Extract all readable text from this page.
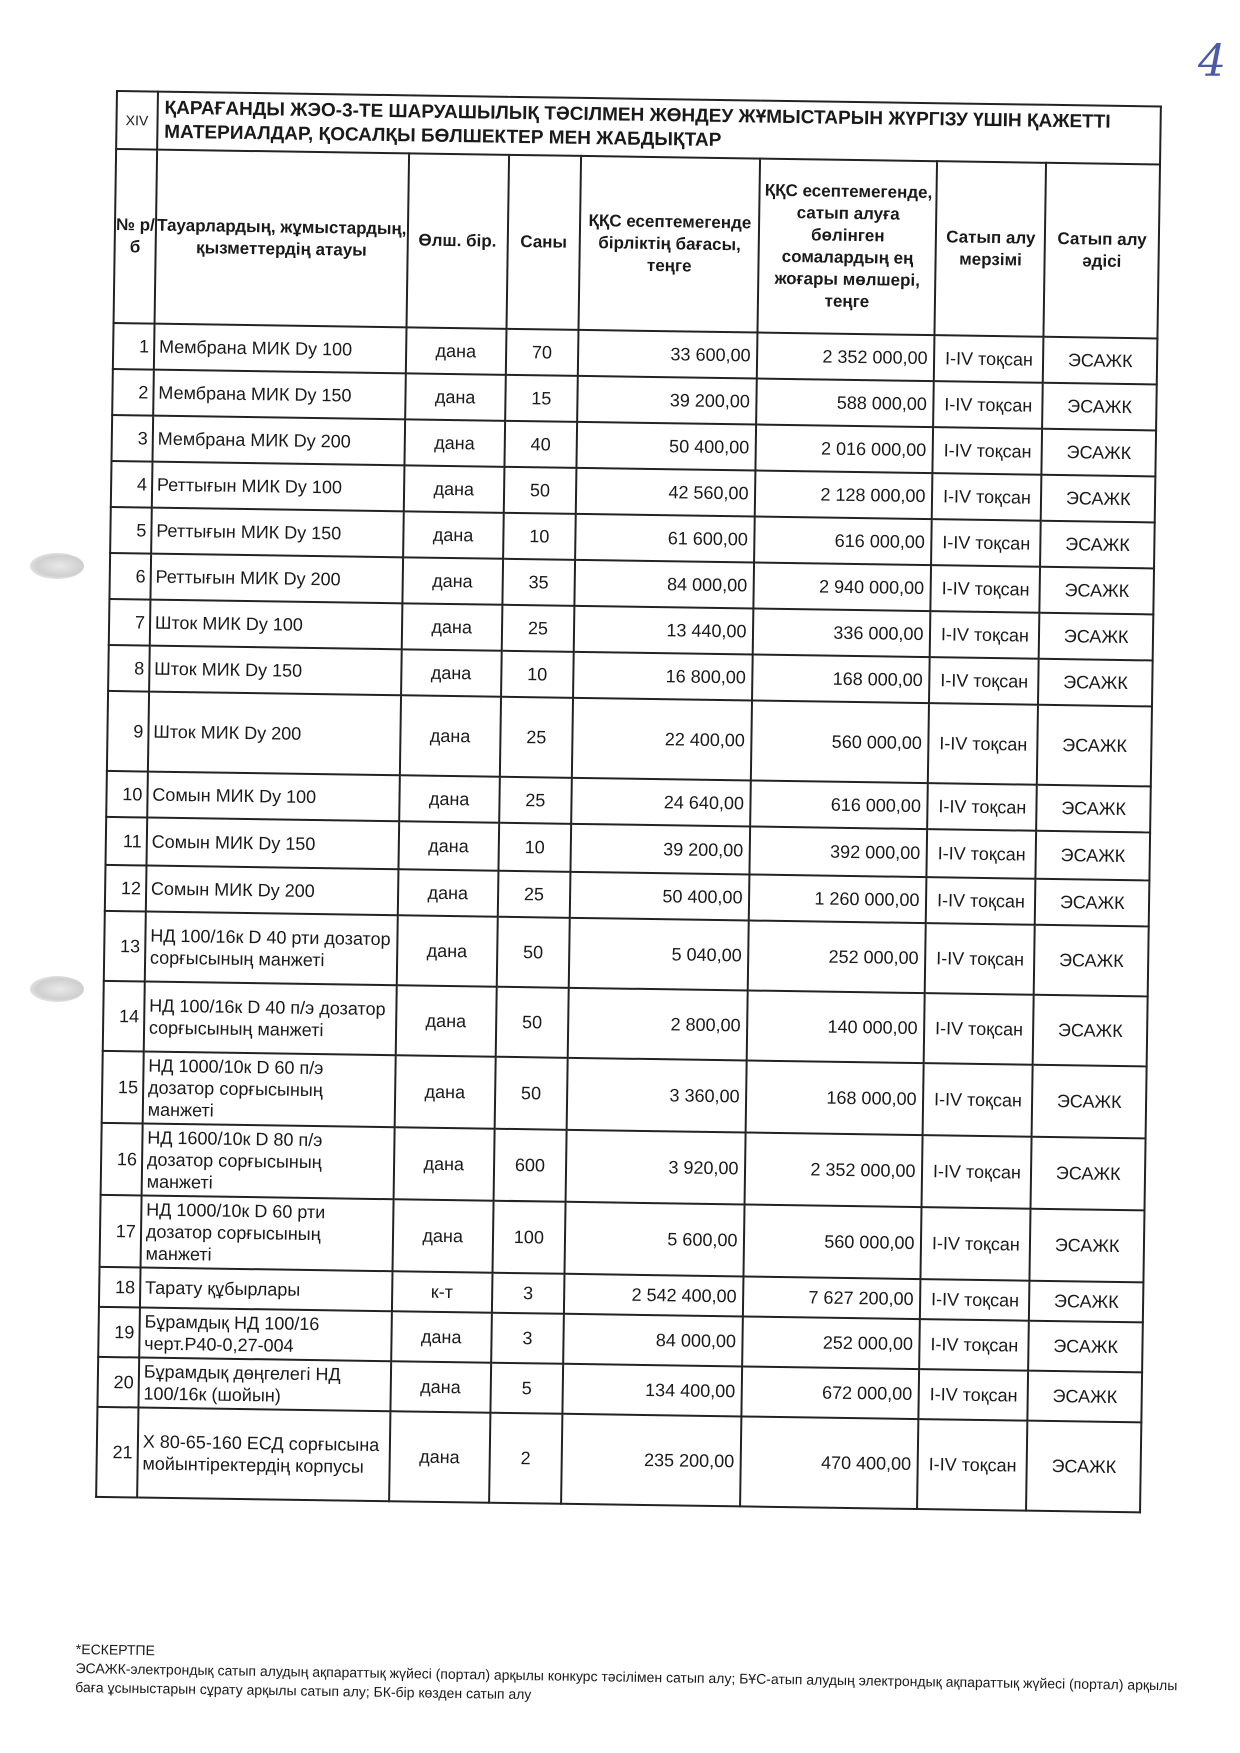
4
XIV	ҚАРАҒАНДЫ ЖЭО-3-ТЕ ШАРУАШЫЛЫҚ ТӘСІЛМЕН ЖӨНДЕУ ЖҰМЫСТАРЫН ЖҮРГІЗУ ҮШІН ҚАЖЕТТІ МАТЕРИАЛДАР, ҚОСАЛҚЫ БӨЛШЕКТЕР МЕН ЖАБДЫҚТАР						
№ р/б	Тауарлардың, жұмыстардың, қызметтердің атауы	Өлш. бір.	Саны	ҚҚС есептемегенде бірліктің бағасы, теңге	ҚҚС есептемегенде, сатып алуға бөлінген сомалардың ең жоғары мөлшері, теңге	Сатып алу мерзімі	Сатып алу әдісі
1	Мембрана МИК Dy 100	дана	70	33 600,00	2 352 000,00	I-IV тоқсан	ЭСАЖК
2	Мембрана МИК Dy 150	дана	15	39 200,00	588 000,00	I-IV тоқсан	ЭСАЖК
3	Мембрана МИК Dy 200	дана	40	50 400,00	2 016 000,00	I-IV тоқсан	ЭСАЖК
4	Реттығын МИК Dy 100	дана	50	42 560,00	2 128 000,00	I-IV тоқсан	ЭСАЖК
5	Реттығын МИК Dy 150	дана	10	61 600,00	616 000,00	I-IV тоқсан	ЭСАЖК
6	Реттығын МИК Dy 200	дана	35	84 000,00	2 940 000,00	I-IV тоқсан	ЭСАЖК
7	Шток МИК Dy 100	дана	25	13 440,00	336 000,00	I-IV тоқсан	ЭСАЖК
8	Шток МИК Dy 150	дана	10	16 800,00	168 000,00	I-IV тоқсан	ЭСАЖК
9	Шток МИК Dy 200	дана	25	22 400,00	560 000,00	I-IV тоқсан	ЭСАЖК
10	Сомын МИК Dy 100	дана	25	24 640,00	616 000,00	I-IV тоқсан	ЭСАЖК
11	Сомын МИК Dy 150	дана	10	39 200,00	392 000,00	I-IV тоқсан	ЭСАЖК
12	Сомын МИК Dy 200	дана	25	50 400,00	1 260 000,00	I-IV тоқсан	ЭСАЖК
13	НД 100/16к D 40 рти дозатор сорғысының манжеті	дана	50	5 040,00	252 000,00	I-IV тоқсан	ЭСАЖК
14	НД 100/16к D 40 п/э дозатор сорғысының манжеті	дана	50	2 800,00	140 000,00	I-IV тоқсан	ЭСАЖК
15	НД 1000/10к D 60 п/э дозатор сорғысының манжеті	дана	50	3 360,00	168 000,00	I-IV тоқсан	ЭСАЖК
16	НД 1600/10к D 80 п/э дозатор сорғысының манжеті	дана	600	3 920,00	2 352 000,00	I-IV тоқсан	ЭСАЖК
17	НД 1000/10к D 60 рти дозатор сорғысының манжеті	дана	100	5 600,00	560 000,00	I-IV тоқсан	ЭСАЖК
18	Тарату құбырлары	к-т	3	2 542 400,00	7 627 200,00	I-IV тоқсан	ЭСАЖК
19	Бұрамдық НД 100/16 черт.Р40-0,27-004	дана	3	84 000,00	252 000,00	I-IV тоқсан	ЭСАЖК
20	Бұрамдық дөңгелегі НД 100/16к (шойын)	дана	5	134 400,00	672 000,00	I-IV тоқсан	ЭСАЖК
21	Х 80-65-160 ЕСД сорғысына мойынтіректердің корпусы	дана	2	235 200,00	470 400,00	I-IV тоқсан	ЭСАЖК
*ЕСКЕРТПЕ
ЭСАЖК-электрондық сатып алудың ақпараттық жүйесі (портал) арқылы конкурс тәсілімен сатып алу; БҰС-атып алудың электрондық ақпараттық жүйесі (портал) арқылы баға ұсыныстарын сұрату арқылы сатып алу; БК-бір көзден сатып алу
